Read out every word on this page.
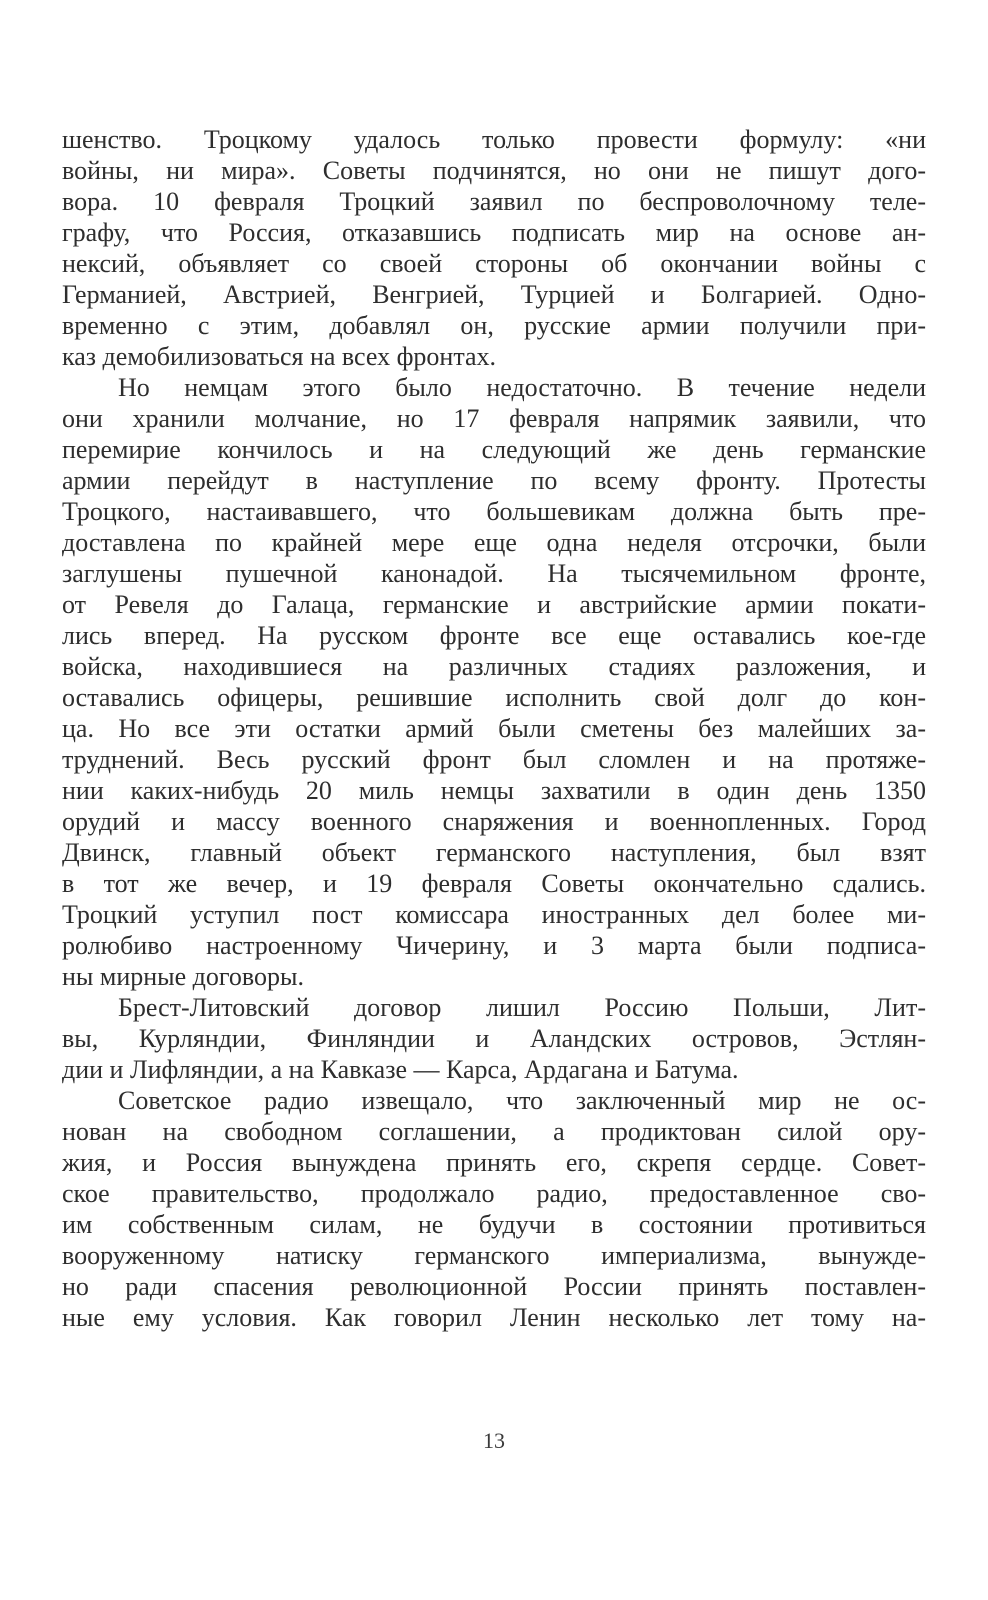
шенство. Троцкому удалось только провести формулу: «ни
войны, ни мира». Советы подчинятся, но они не пишут дого-
вора. 10 февраля Троцкий заявил по беспроволочному теле-
графу, что Россия, отказавшись подписать мир на основе ан-
нексий, объявляет со своей стороны об окончании войны с
Германией, Австрией, Венгрией, Турцией и Болгарией. Одно-
временно с этим, добавлял он, русские армии получили при-
каз демобилизоваться на всех фронтах.
Но немцам этого было недостаточно. В течение недели
они хранили молчание, но 17 февраля напрямик заявили, что
перемирие кончилось и на следующий же день германские
армии перейдут в наступление по всему фронту. Протесты
Троцкого, настаивавшего, что большевикам должна быть пре-
доставлена по крайней мере еще одна неделя отсрочки, были
заглушены пушечной канонадой. На тысячемильном фронте,
от Ревеля до Галаца, германские и австрийские армии покати-
лись вперед. На русском фронте все еще оставались кое-где
войска, находившиеся на различных стадиях разложения, и
оставались офицеры, решившие исполнить свой долг до кон-
ца. Но все эти остатки армий были сметены без малейших за-
труднений. Весь русский фронт был сломлен и на протяже-
нии каких-нибудь 20 миль немцы захватили в один день 1350
орудий и массу военного снаряжения и военнопленных. Город
Двинск, главный объект германского наступления, был взят
в тот же вечер, и 19 февраля Советы окончательно сдались.
Троцкий уступил пост комиссара иностранных дел более ми-
ролюбиво настроенному Чичерину, и 3 марта были подписа-
ны мирные договоры.
Брест-Литовский договор лишил Россию Польши, Лит-
вы, Курляндии, Финляндии и Аландских островов, Эстлян-
дии и Лифляндии, а на Кавказе — Карса, Ардагана и Батума.
Советское радио извещало, что заключенный мир не ос-
нован на свободном соглашении, а продиктован силой ору-
жия, и Россия вынуждена принять его, скрепя сердце. Совет-
ское правительство, продолжало радио, предоставленное сво-
им собственным силам, не будучи в состоянии противиться
вооруженному натиску германского империализма, вынужде-
но ради спасения революционной России принять поставлен-
ные ему условия. Как говорил Ленин несколько лет тому на-
13
